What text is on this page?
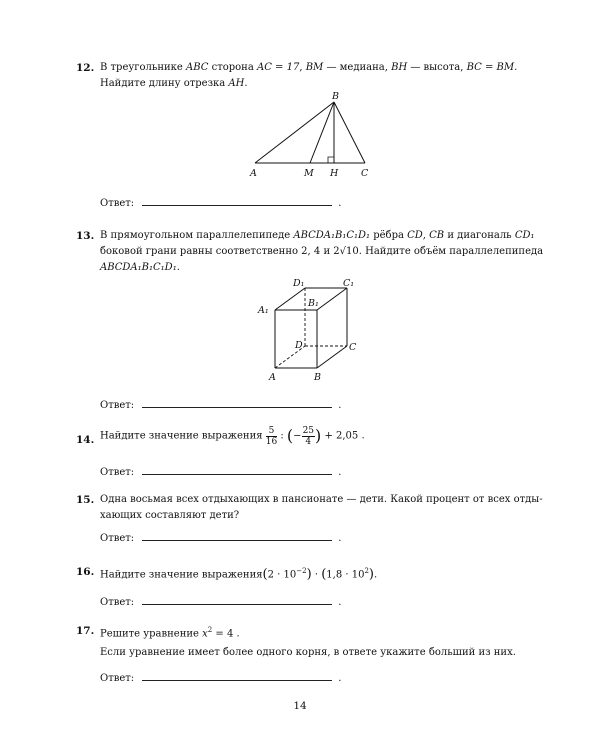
12. В треугольнике ABC сторона AC = 17, BM — медиана, BH — высота, BC = BM.
Найдите длину отрезка AH.
B
A	M H C
Ответ:	.
13. В прямоугольном параллелепипеде ABCDA₁B₁C₁D₁ рёбра CD, CB и диагональ CD₁
боковой грани равны соответственно 2, 4 и 2√10. Найдите объём параллелепипеда
ABCDA₁B₁C₁D₁.
A	B
C
D
A₁
B₁
C₁
D₁
Ответ:	.
14. Найдите значение выражения $\frac{5}{16}$ : (− $\frac{25}{4}$ ) + 2,05 .
Ответ:	.
15. Одна восьмая всех отдыхающих в пансионате — дети. Какой процент от всех отды-
хающих составляют дети?
Ответ:	.
16. Найдите значение выражения(2 · $10^{-2}) \cdot (1,8 \cdot 10^2)$.
Ответ:	.
17. Решите уравнение $x^2 = 4$ .
Если уравнение имеет более одного корня, в ответе укажите больший из них.
Ответ:	.
14
